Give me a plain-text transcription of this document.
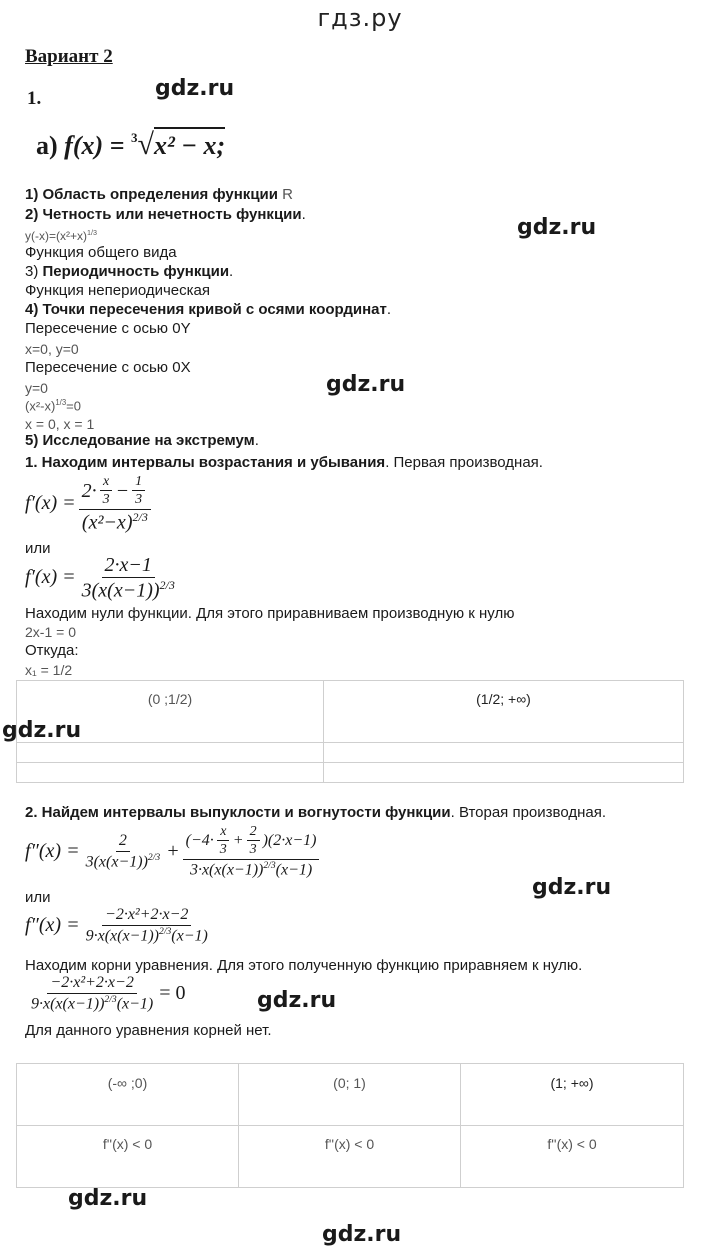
гдз.ру
Вариант 2
1.	gdz.ru
а) f(x) = $^3$√x² − x;
1) Область определения функции R
2) Четность или нечетность функции.
$y(-x)=(x^2+x)^{1/3}$
Функция общего вида
3) Периодичность функции.
Функция непериодическая
4) Точки пересечения кривой с осями координат.
Пересечение с осью 0Y
x=0, y=0
Пересечение с осью 0X
y=0
$(x^2-x)^{1/3}=0$
x = 0, x = 1
5) Исследование на экстремум.
1. Находим интервалы возрастания и убывания. Первая производная.
gdz.ru
gdz.ru
$f'(x) = \frac{2\cdot \frac{x}{3} - \frac{1}{3}}{(x^2-x)^{2/3}}$
или
$f'(x) = \frac{2\cdot x-1}{3(x(x-1))^{2/3}}$
Находим нули функции. Для этого приравниваем производную к нулю
2x-1 = 0
Откуда:
x₁ = 1/2
(0 ;1/2)	(1/2; +∞)

gdz.ru
2. Найдем интервалы выпуклости и вогнутости функции. Вторая производная.
$f''(x) = \frac{2}{3(x(x-1))^{2/3}} + \frac{(-4\cdot \frac{x}{3} + \frac{2}{3} )(2\cdot x-1)}{3\cdot x(x(x-1))^{2/3}(x-1)}$
или	gdz.ru
$f''(x) = \frac{\text{−2·x²+2·x−2}}{9\cdot x(x(x-1))^{2/3}(x-1)}$
Находим корни уравнения. Для этого полученную функцию приравняем к нулю.
$\frac{\text{−2·x²+2·x−2}}{9\cdot x(x(x-1))^{2/3}(x-1)} = 0$	gdz.ru
Для данного уравнения корней нет.
(-∞ ;0)	(0; 1)	(1; +∞)
f''(x) < 0	f''(x) < 0	f''(x) < 0
gdz.ru
gdz.ru
